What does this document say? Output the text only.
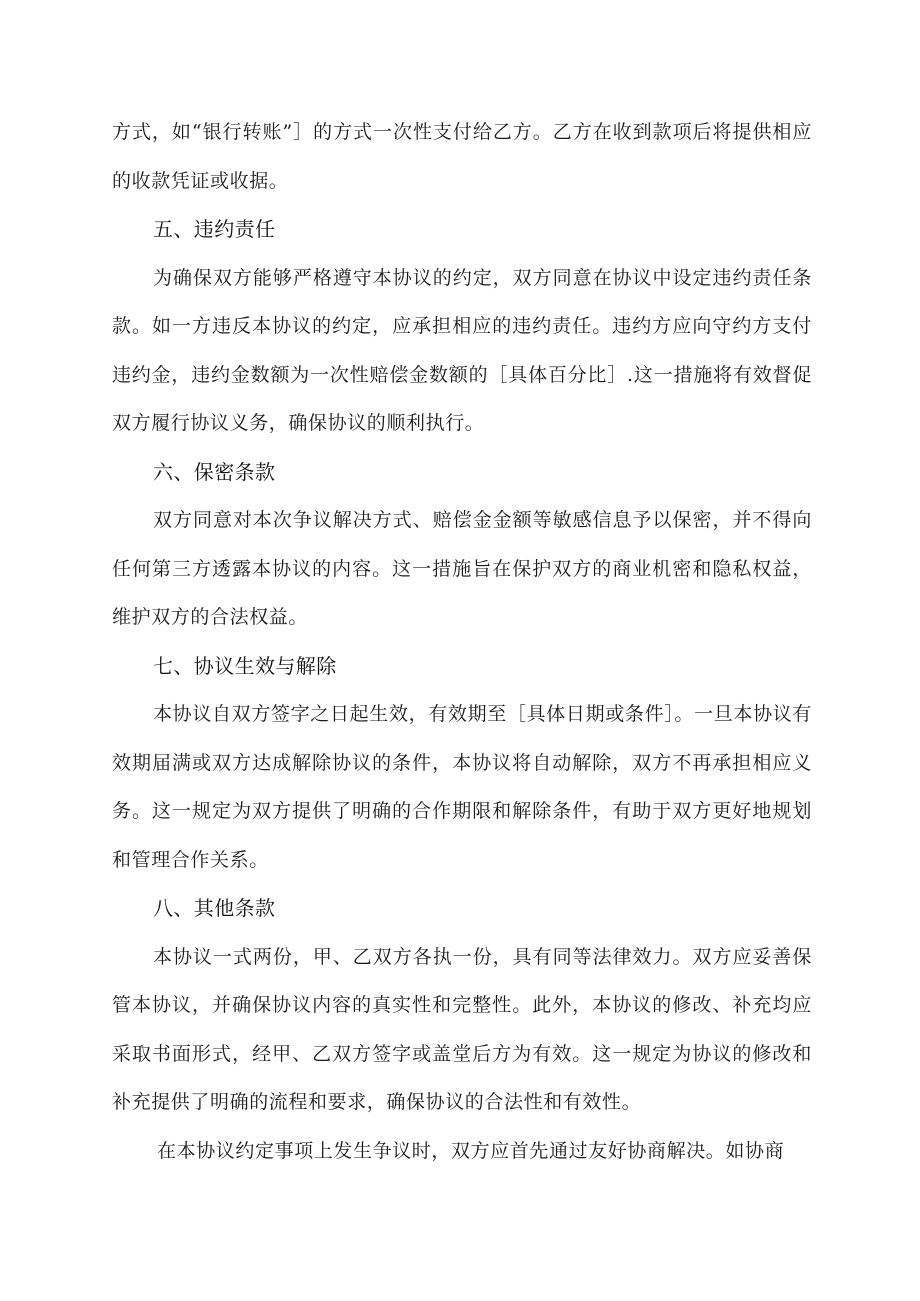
方式，如“银行转账”］的方式一次性支付给乙方。乙方在收到款项后将提供相应的收款凭证或收据。

五、违约责任

为确保双方能够严格遵守本协议的约定，双方同意在协议中设定违约责任条款。如一方违反本协议的约定，应承担相应的违约责任。违约方应向守约方支付违约金，违约金数额为一次性赔偿金数额的［具体百分比］.这一措施将有效督促双方履行协议义务，确保协议的顺利执行。

六、保密条款

双方同意对本次争议解决方式、赔偿金金额等敏感信息予以保密，并不得向任何第三方透露本协议的内容。这一措施旨在保护双方的商业机密和隐私权益，维护双方的合法权益。

七、协议生效与解除

本协议自双方签字之日起生效，有效期至［具体日期或条件］。一旦本协议有效期届满或双方达成解除协议的条件，本协议将自动解除，双方不再承担相应义务。这一规定为双方提供了明确的合作期限和解除条件，有助于双方更好地规划和管理合作关系。

八、其他条款

本协议一式两份，甲、乙双方各执一份，具有同等法律效力。双方应妥善保管本协议，并确保协议内容的真实性和完整性。此外，本协议的修改、补充均应采取书面形式，经甲、乙双方签字或盖堂后方为有效。这一规定为协议的修改和补充提供了明确的流程和要求，确保协议的合法性和有效性。

在本协议约定事项上发生争议时，双方应首先通过友好协商解决。如协商
